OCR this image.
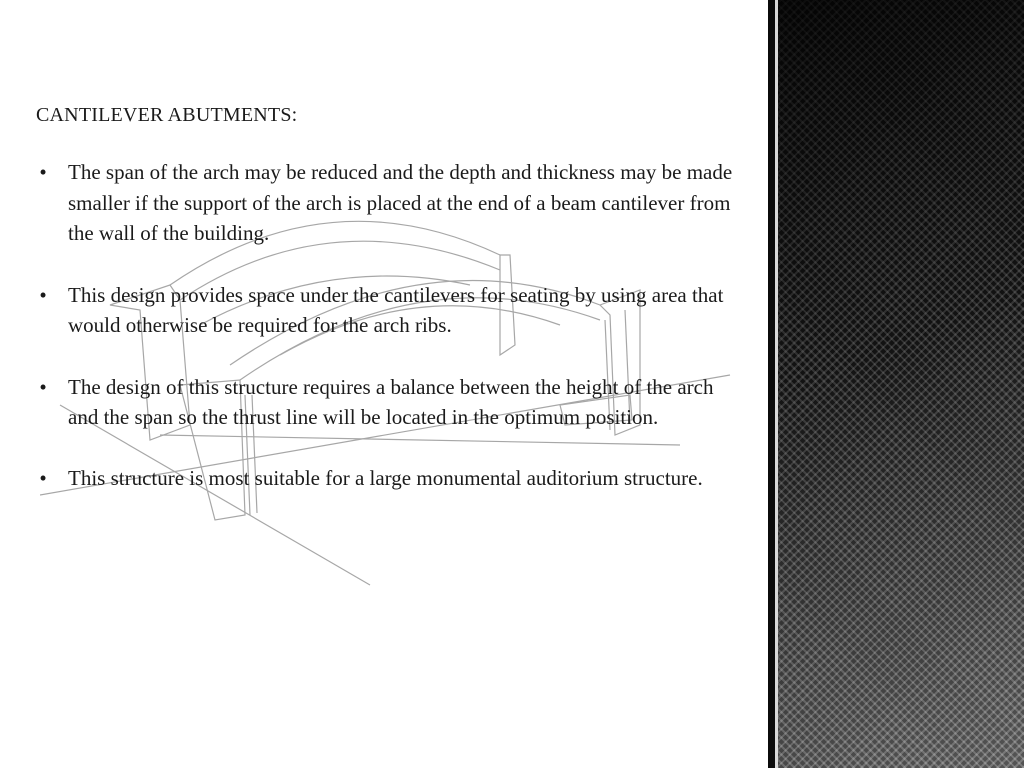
CANTILEVER ABUTMENTS:
• The span of the arch may be reduced and the depth and thickness may be made smaller if the support of the arch is placed at the end of a beam cantilever from the wall of the building.
• This design provides space under the cantilevers for seating by using area that would otherwise be required for the arch ribs.
• The design of this structure requires a balance between the height of the arch and the span so the thrust line will be located in the optimum position.
• This structure is most suitable for a large monumental auditorium structure.
